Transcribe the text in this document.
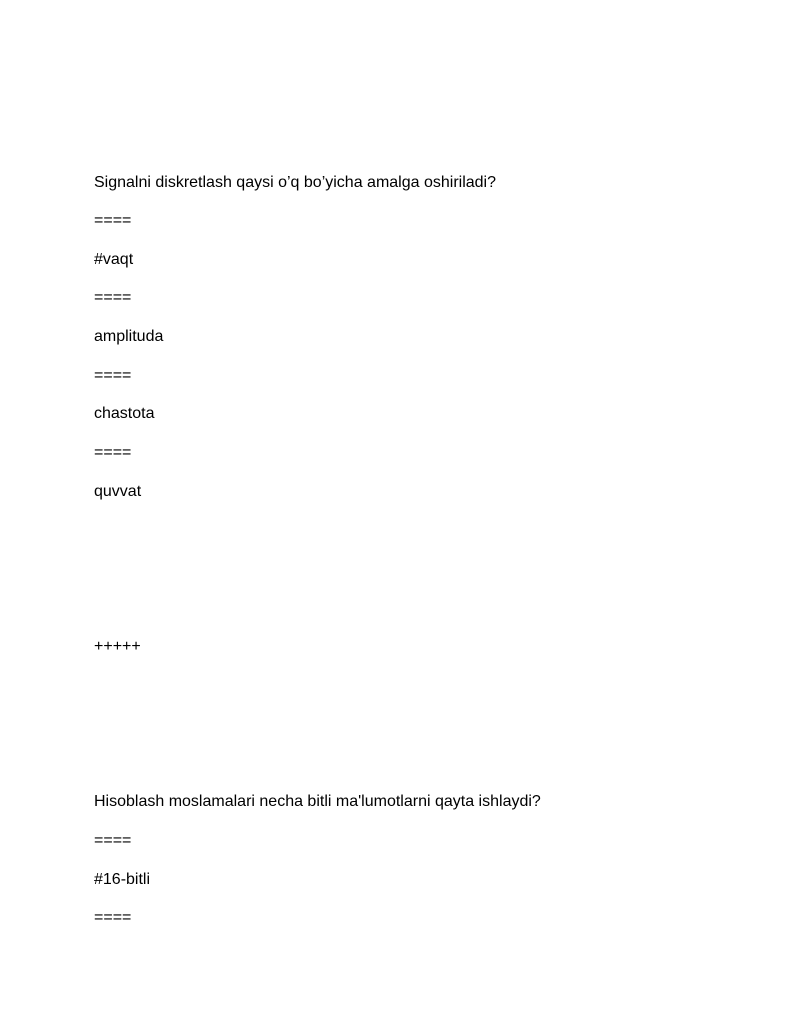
Signalni diskretlash qaysi o’q bo’yicha amalga oshiriladi?
====
#vaqt
====
amplituda
====
chastota
====
quvvat
+++++
Hisoblash moslamalari necha bitli ma'lumotlarni qayta ishlaydi?
====
#16-bitli
====
